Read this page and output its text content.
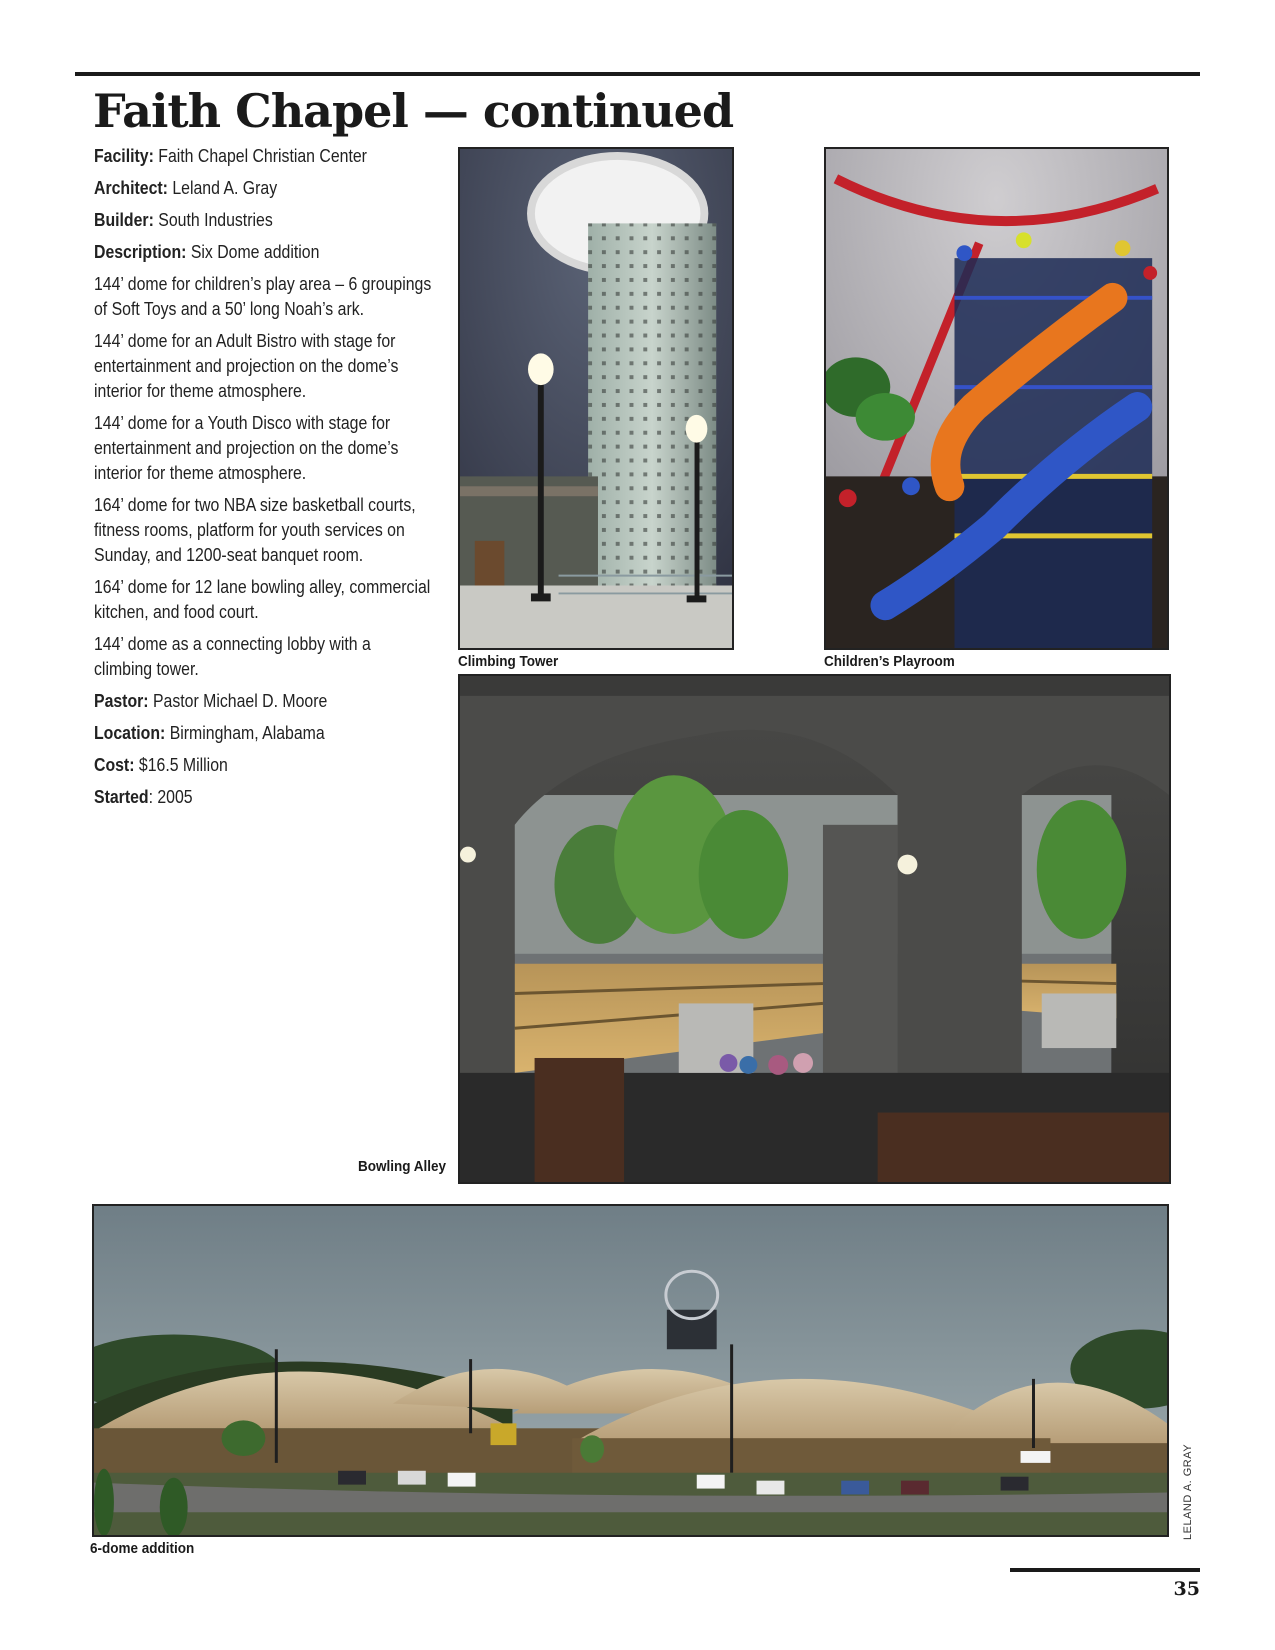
Faith Chapel — continued

Facility: Faith Chapel Christian Center

Architect: Leland A. Gray

Builder: South Industries

Description: Six Dome addition

144’ dome for children’s play area – 6 groupings of Soft Toys and a 50’ long Noah’s ark.

144’ dome for an Adult Bistro with stage for entertainment and projection on the dome’s interior for theme atmosphere.

144’ dome for a Youth Disco with stage for entertainment and projection on the dome’s interior for theme atmosphere.

164’ dome for two NBA size basketball courts, fitness rooms, platform for youth services on Sunday, and 1200-seat banquet room.

164’ dome for 12 lane bowling alley, commercial kitchen, and food court.

144’ dome as a connecting lobby with a climbing tower.

Pastor: Pastor Michael D. Moore

Location: Birmingham, Alabama

Cost: $16.5 Million

Started: 2005

Climbing Tower	Children’s Playroom
Bowling Alley
6-dome addition
LELAND A. GRAY
35
